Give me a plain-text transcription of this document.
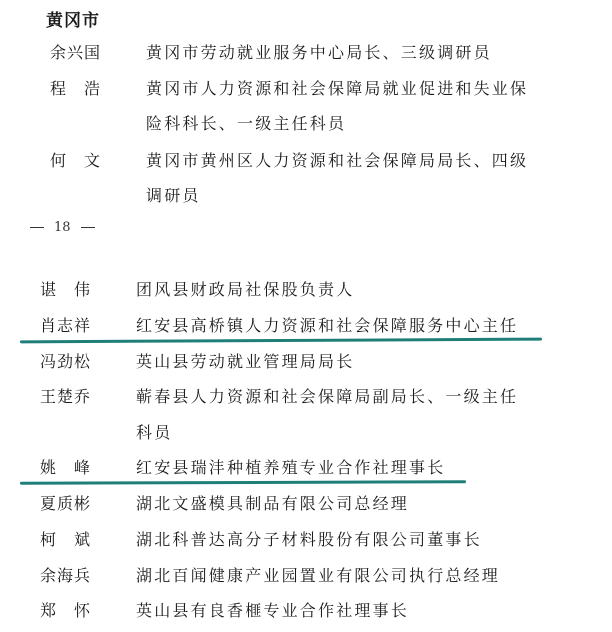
黄冈市
余兴国	黄冈市劳动就业服务中心局长、三级调研员
程　浩	黄冈市人力资源和社会保障局就业促进和失业保
险科科长、一级主任科员
何　文	黄冈市黄州区人力资源和社会保障局局长、四级
调研员
18
谌　伟	团风县财政局社保股负责人
肖志祥	红安县高桥镇人力资源和社会保障服务中心主任
冯劲松	英山县劳动就业管理局局长
王楚乔	蕲春县人力资源和社会保障局副局长、一级主任
科员
姚　峰	红安县瑞沣种植养殖专业合作社理事长
夏质彬	湖北文盛模具制品有限公司总经理
柯　斌	湖北科普达高分子材料股份有限公司董事长
余海兵	湖北百闻健康产业园置业有限公司执行总经理
郑　怀	英山县有良香榧专业合作社理事长
